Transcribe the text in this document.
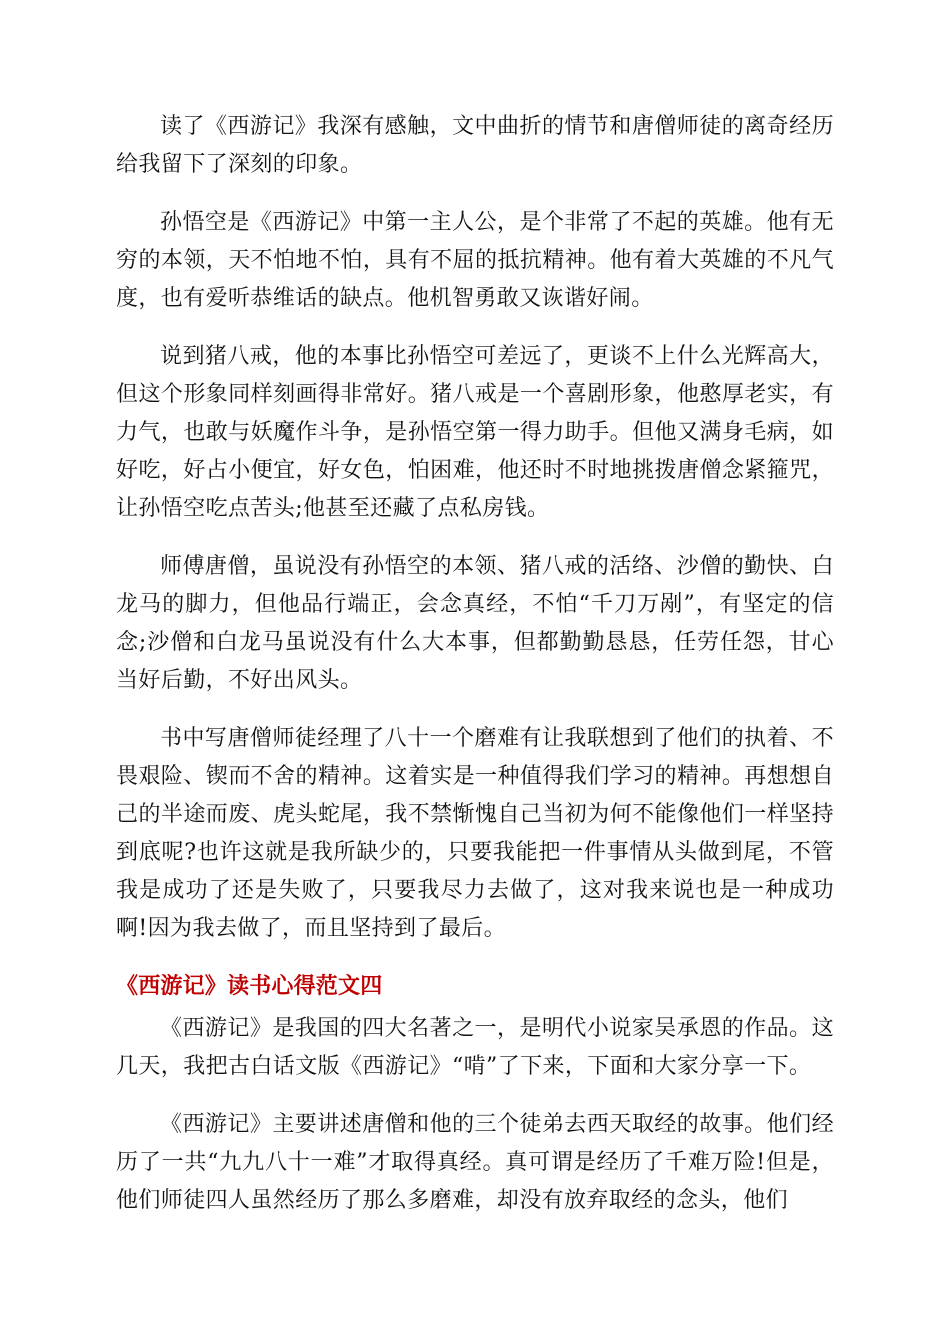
读了《西游记》我深有感触，文中曲折的情节和唐僧师徒的离奇经历给我留下了深刻的印象。

孙悟空是《西游记》中第一主人公，是个非常了不起的英雄。他有无穷的本领，天不怕地不怕，具有不屈的抵抗精神。他有着大英雄的不凡气度，也有爱听恭维话的缺点。他机智勇敢又诙谐好闹。

说到猪八戒，他的本事比孙悟空可差远了，更谈不上什么光辉高大，但这个形象同样刻画得非常好。猪八戒是一个喜剧形象，他憨厚老实，有力气，也敢与妖魔作斗争，是孙悟空第一得力助手。但他又满身毛病，如好吃，好占小便宜，好女色，怕困难，他还时不时地挑拨唐僧念紧箍咒，让孙悟空吃点苦头;他甚至还藏了点私房钱。

师傅唐僧，虽说没有孙悟空的本领、猪八戒的活络、沙僧的勤快、白龙马的脚力，但他品行端正，会念真经，不怕“千刀万剐”，有坚定的信念;沙僧和白龙马虽说没有什么大本事，但都勤勤恳恳，任劳任怨，甘心当好后勤，不好出风头。

书中写唐僧师徒经理了八十一个磨难有让我联想到了他们的执着、不畏艰险、锲而不舍的精神。这着实是一种值得我们学习的精神。再想想自己的半途而废、虎头蛇尾，我不禁惭愧自己当初为何不能像他们一样坚持到底呢?也许这就是我所缺少的，只要我能把一件事情从头做到尾，不管我是成功了还是失败了，只要我尽力去做了，这对我来说也是一种成功啊!因为我去做了，而且坚持到了最后。

《西游记》读书心得范文四

《西游记》是我国的四大名著之一，是明代小说家吴承恩的作品。这几天，我把古白话文版《西游记》“啃”了下来，下面和大家分享一下。

《西游记》主要讲述唐僧和他的三个徒弟去西天取经的故事。他们经历了一共“九九八十一难”才取得真经。真可谓是经历了千难万险!但是，他们师徒四人虽然经历了那么多磨难，却没有放弃取经的念头，他们
